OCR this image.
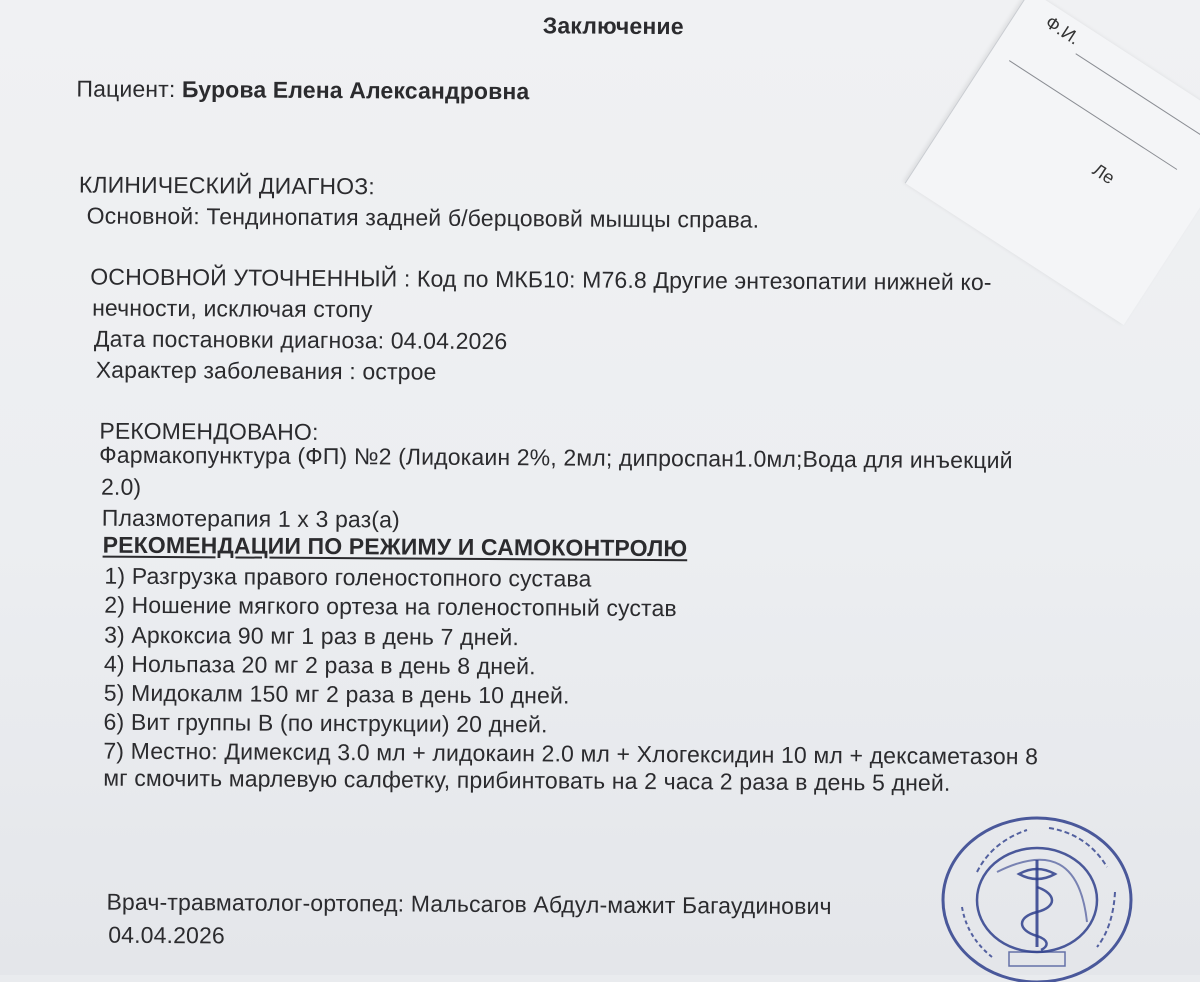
Заключение
Пациент: Бурова Елена Александровна
КЛИНИЧЕСКИЙ ДИАГНОЗ:
Основной: Тендинопатия задней б/берцововй мышцы справа.
ОСНОВНОЙ УТОЧНЕННЫЙ : Код по МКБ10: M76.8 Другие энтезопатии нижней ко-
нечности, исключая стопу
Дата постановки диагноза: 04.04.2026
Характер заболевания : острое
РЕКОМЕНДОВАНО:
Фармакопунктура (ФП) №2 (Лидокаин 2%, 2мл; дипроспан1.0мл;Вода для инъекций
2.0)
Плазмотерапия 1 х 3 раз(а)
РЕКОМЕНДАЦИИ ПО РЕЖИМУ И САМОКОНТРОЛЮ
1) Разгрузка правого голеностопного сустава
2) Ношение мягкого ортеза на голеностопный сустав
3) Аркоксиа 90 мг 1 раз в день 7 дней.
4) Нольпаза 20 мг 2 раза в день 8 дней.
5) Мидокалм 150 мг 2 раза в день 10 дней.
6) Вит группы В (по инструкции) 20 дней.
7) Местно: Димексид 3.0 мл + лидокаин 2.0 мл + Хлогексидин 10 мл + дексаметазон 8
мг смочить марлевую салфетку, прибинтовать на 2 часа 2 раза в день 5 дней.
Врач-травматолог-ортопед: Мальсагов Абдул-мажит Багаудинович
04.04.2026
Ф.И.
Ле
